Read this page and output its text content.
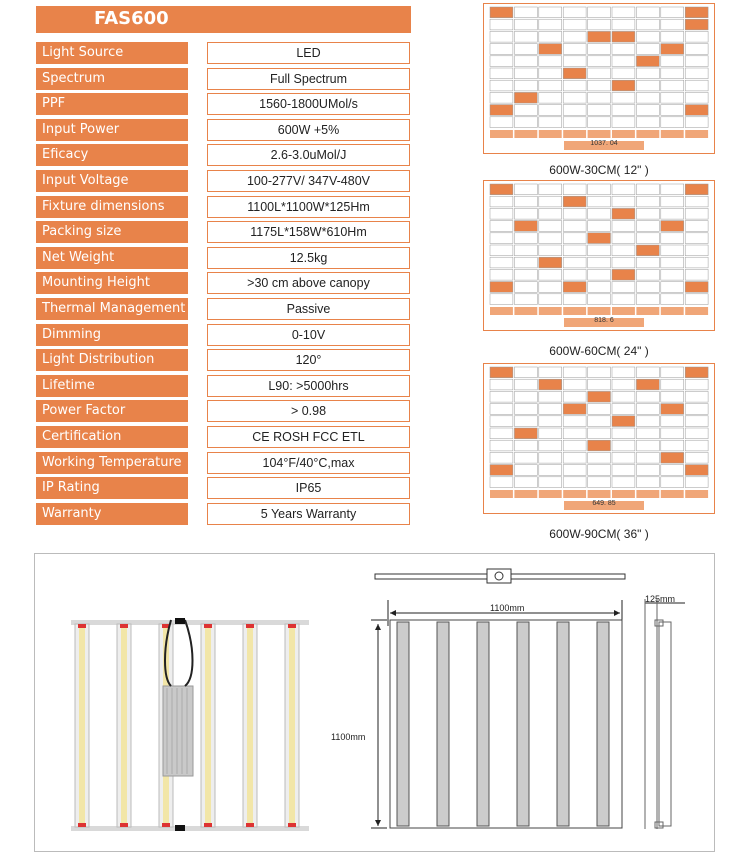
FAS600
Light Source	LED
Spectrum	Full Spectrum
PPF	1560-1800UMol/s
Input Power	600W +5%
Eficacy	2.6-3.0uMol/J
Input Voltage	100-277V/ 347V-480V
Fixture dimensions	1100L*1100W*125Hm
Packing size	1175L*158W*610Hm
Net Weight	12.5kg
Mounting Height	>30 cm above canopy
Thermal Management	Passive
Dimming	0-10V
Light Distribution	120°
Lifetime	L90: >5000hrs
Power Factor	> 0.98
Certification	CE ROSH FCC ETL
Working Temperature	104°F/40°C,max
IP Rating	IP65
Warranty	5 Years Warranty
1037. 04
600W-30CM( 12" )
818. 6
600W-60CM( 24" )
649. 85
600W-90CM( 36" )
1100mm
1100mm
125mm
